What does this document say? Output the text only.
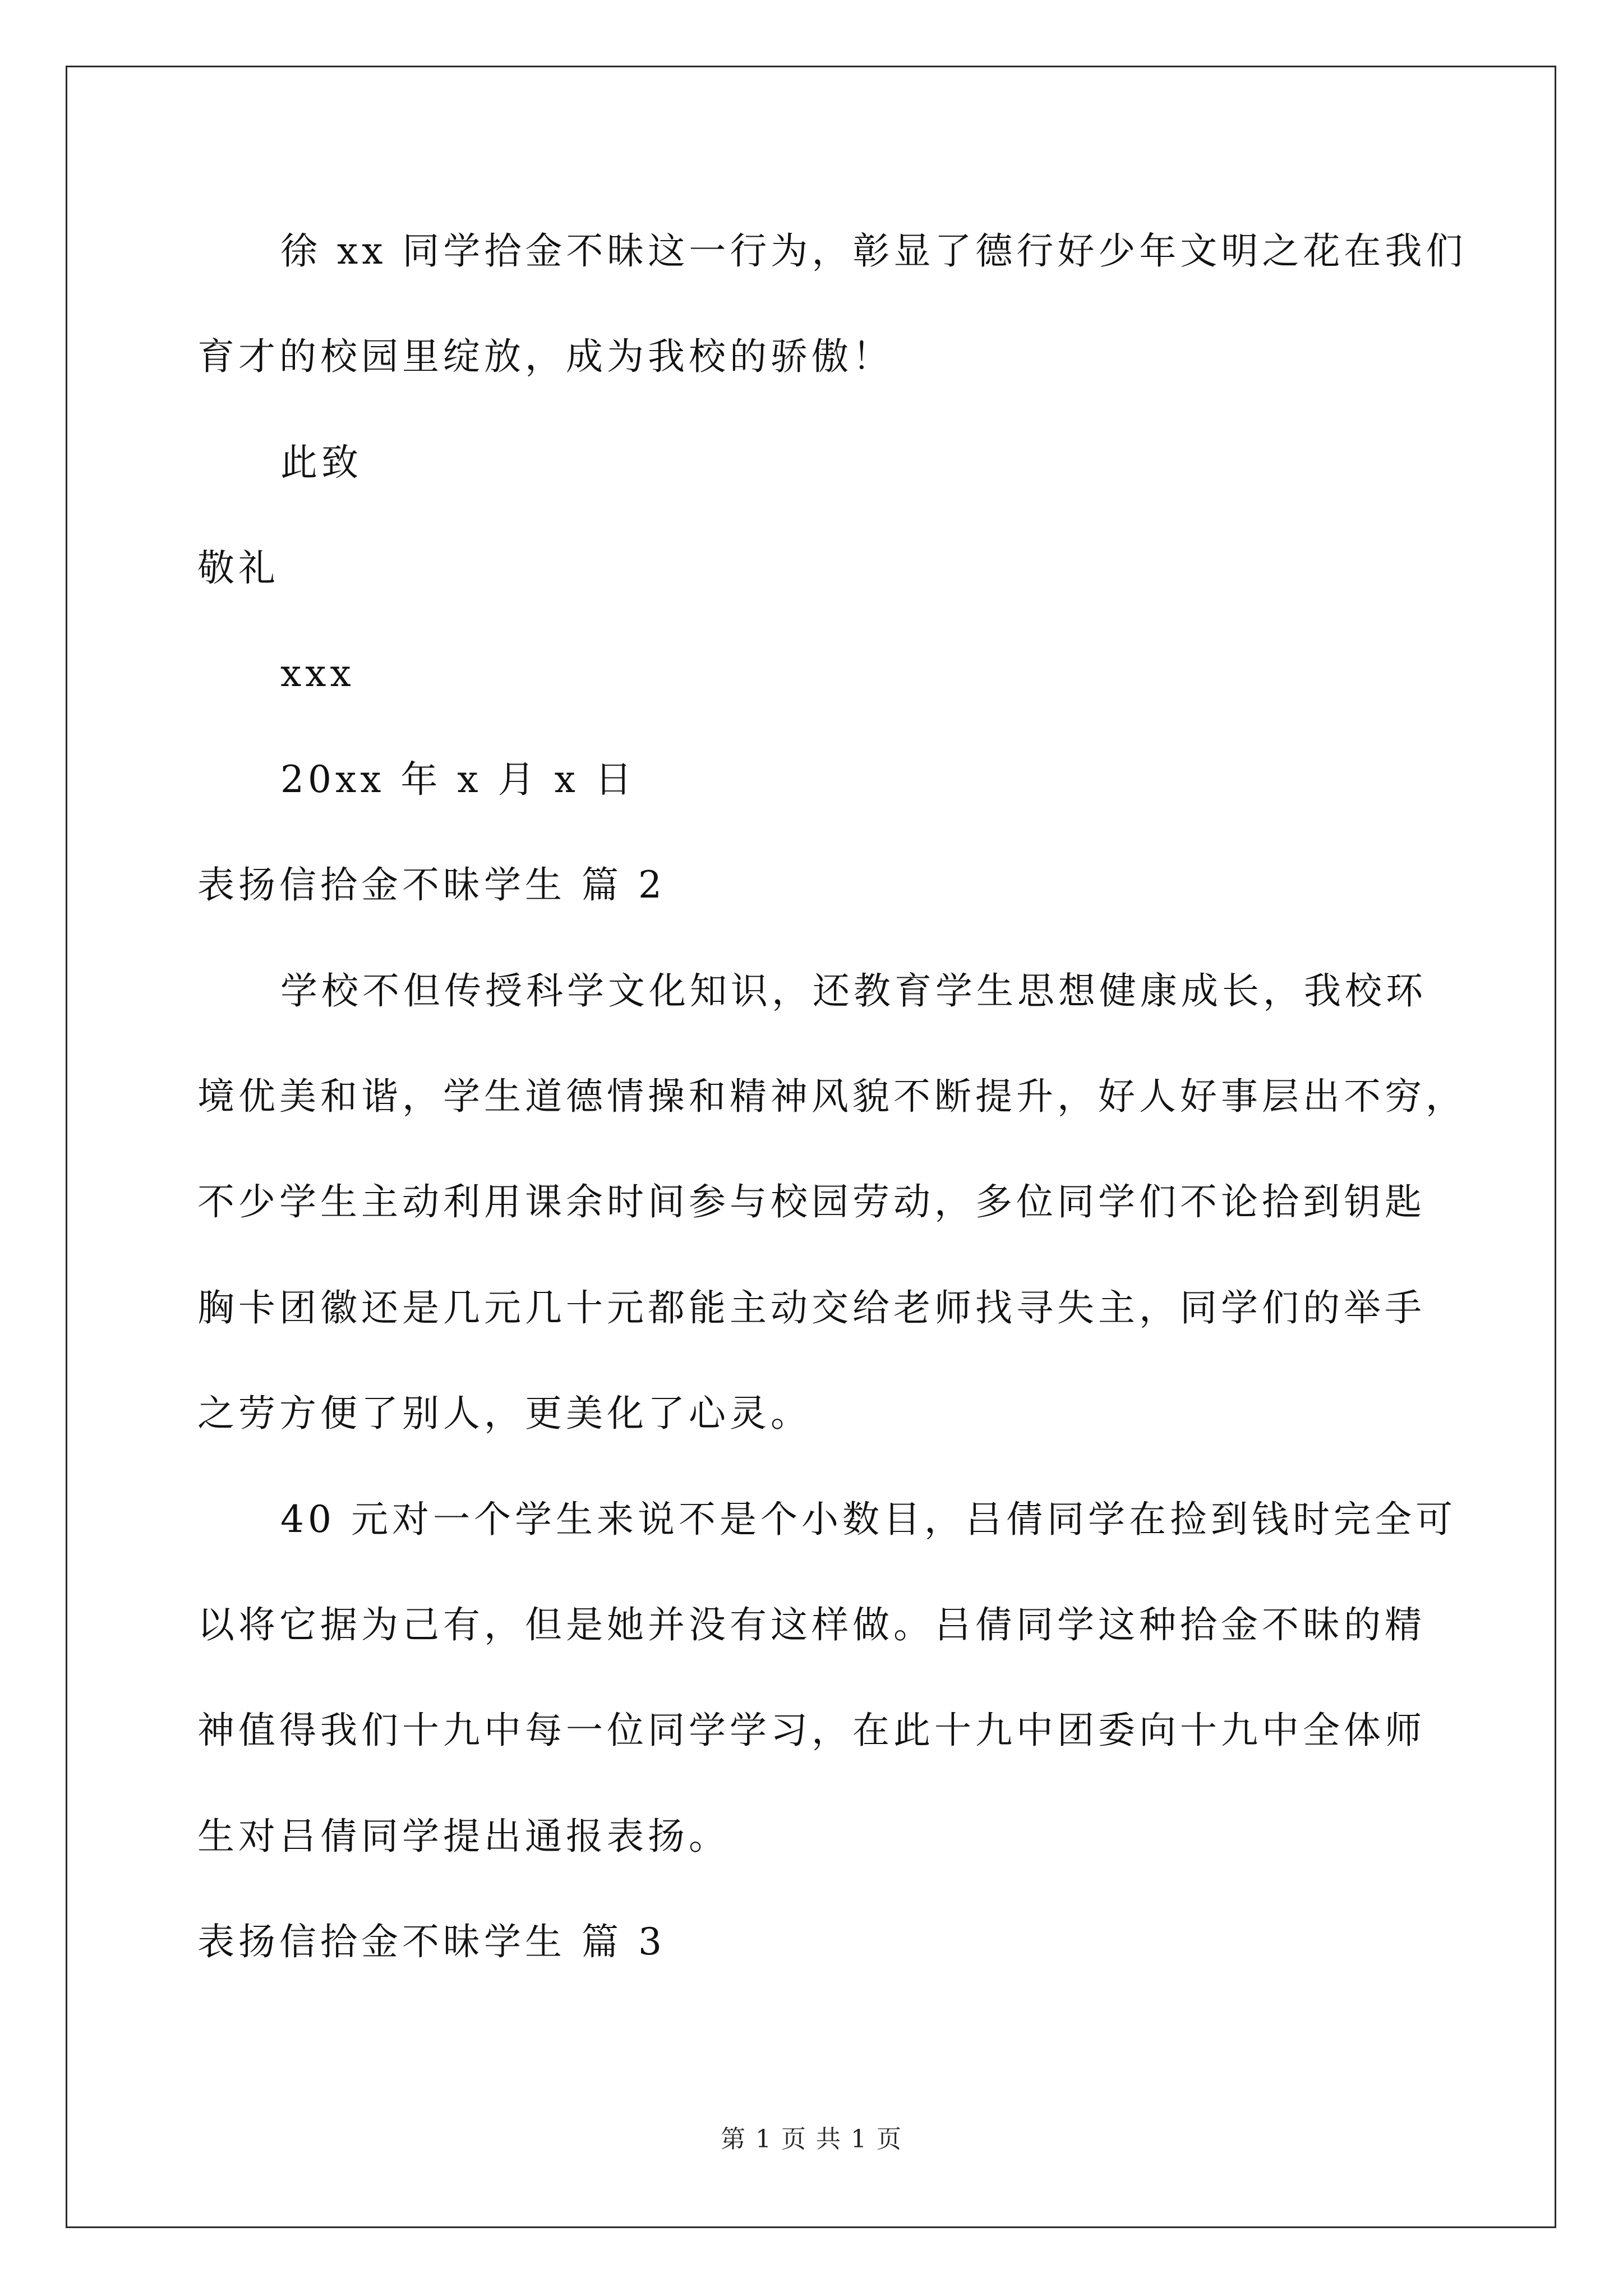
徐 xx 同学拾金不昧这一行为，彰显了德行好少年文明之花在我们
育才的校园里绽放，成为我校的骄傲！
此致
敬礼
xxx
20xx 年 x 月 x 日
表扬信拾金不昧学生 篇 2
学校不但传授科学文化知识，还教育学生思想健康成长，我校环
境优美和谐，学生道德情操和精神风貌不断提升，好人好事层出不穷，
不少学生主动利用课余时间参与校园劳动，多位同学们不论拾到钥匙
胸卡团徽还是几元几十元都能主动交给老师找寻失主，同学们的举手
之劳方便了别人，更美化了心灵。
40 元对一个学生来说不是个小数目，吕倩同学在捡到钱时完全可
以将它据为己有，但是她并没有这样做。吕倩同学这种拾金不昧的精
神值得我们十九中每一位同学学习，在此十九中团委向十九中全体师
生对吕倩同学提出通报表扬。
表扬信拾金不昧学生 篇 3
第 1 页 共 1 页
